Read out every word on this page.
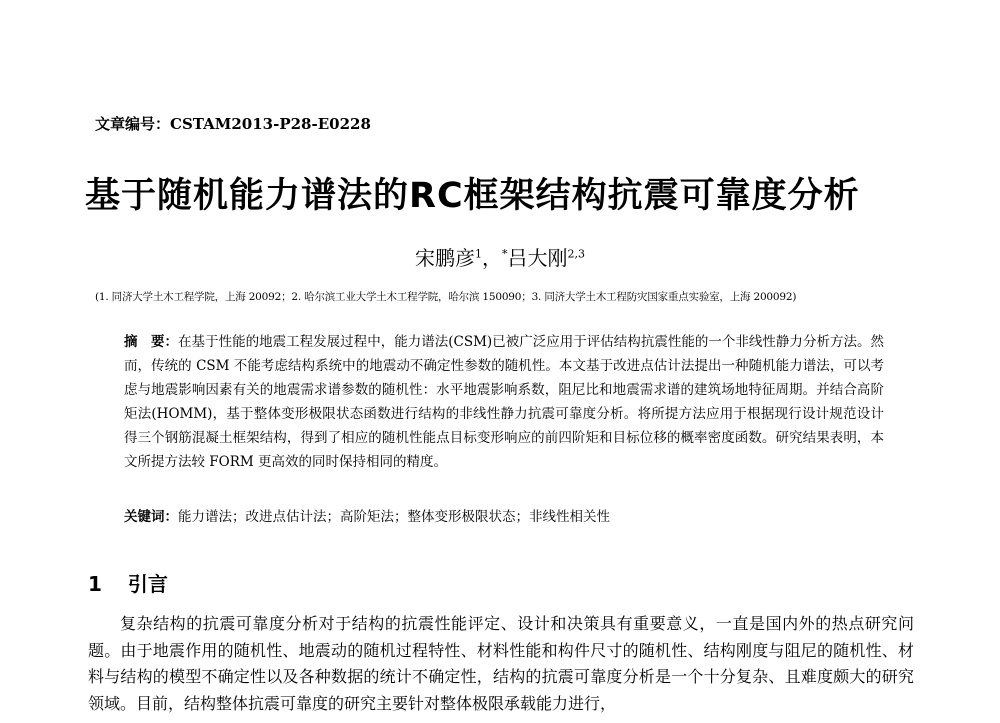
文章编号：CSTAM2013-P28-E0228
基于随机能力谱法的RC框架结构抗震可靠度分析
宋鹏彦$^1$，*吕大刚$^{2,3}$
(1. 同济大学土木工程学院，上海 20092；2. 哈尔滨工业大学土木工程学院，哈尔滨 150090；3. 同济大学土木工程防灾国家重点实验室，上海 200092)

摘　要：在基于性能的地震工程发展过程中，能力谱法(CSM)已被广泛应用于评估结构抗震性能的一个非线性静力分析方法。然而，传统的 CSM 不能考虑结构系统中的地震动不确定性参数的随机性。本文基于改进点估计法提出一种随机能力谱法，可以考虑与地震影响因素有关的地震需求谱参数的随机性：水平地震影响系数，阻尼比和地震需求谱的建筑场地特征周期。并结合高阶矩法(HOMM)，基于整体变形极限状态函数进行结构的非线性静力抗震可靠度分析。将所提方法应用于根据现行设计规范设计得三个钢筋混凝土框架结构，得到了相应的随机性能点目标变形响应的前四阶矩和目标位移的概率密度函数。研究结果表明，本文所提方法较 FORM 更高效的同时保持相同的精度。

关键词：能力谱法；改进点估计法；高阶矩法；整体变形极限状态；非线性相关性
1 引言

复杂结构的抗震可靠度分析对于结构的抗震性能评定、设计和决策具有重要意义，一直是国内外的热点研究问题。由于地震作用的随机性、地震动的随机过程特性、材料性能和构件尺寸的随机性、结构刚度与阻尼的随机性、材料与结构的模型不确定性以及各种数据的统计不确定性，结构的抗震可靠度分析是一个十分复杂、且难度颇大的研究领域。目前，结构整体抗震可靠度的研究主要针对整体极限承载能力进行，
